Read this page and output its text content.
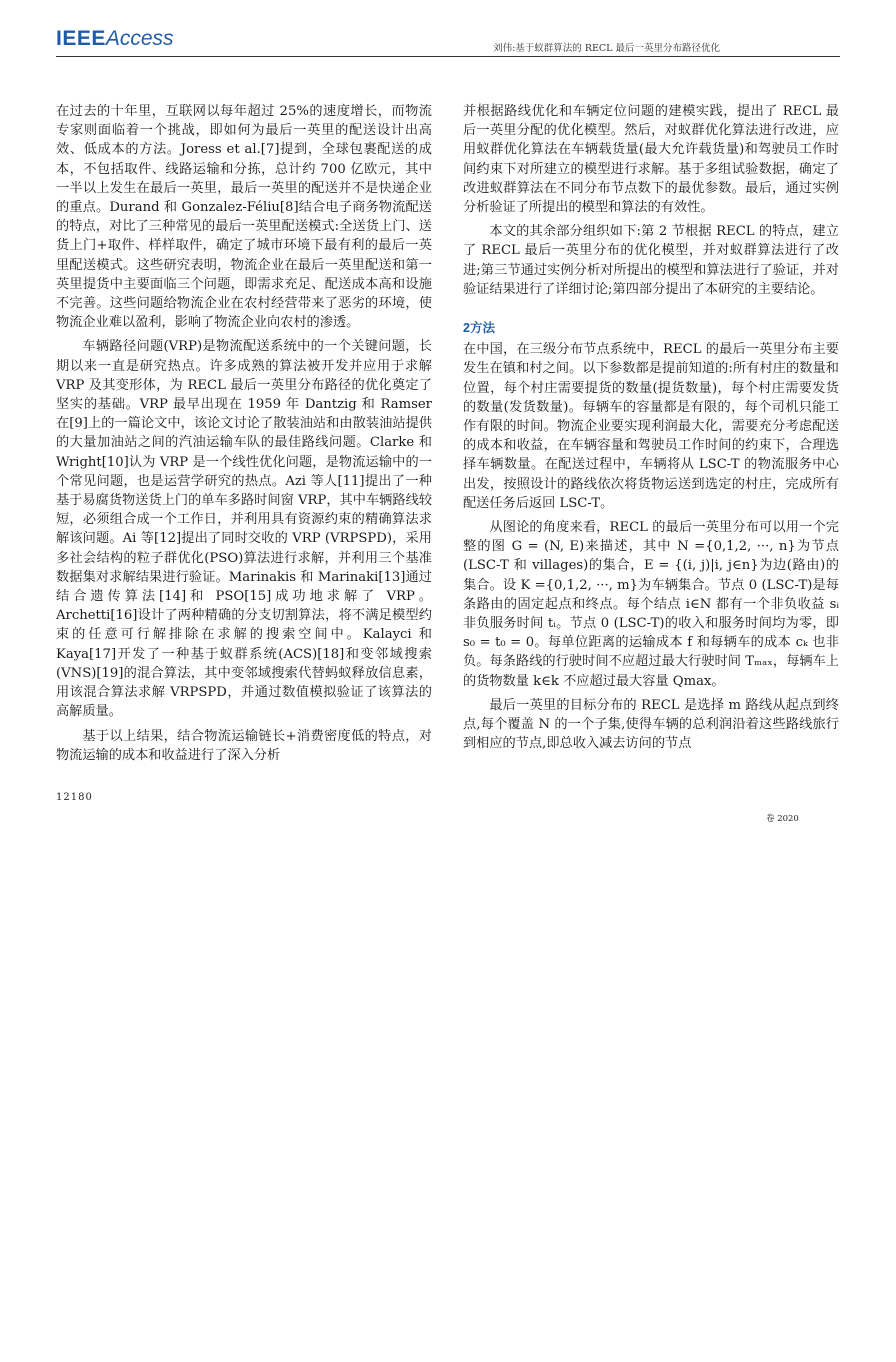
IEEEAccess	刘伟:基于蚁群算法的 RECL 最后一英里分布路径优化

在过去的十年里，互联网以每年超过 25%的速度增长，而物流专家则面临着一个挑战，即如何为最后一英里的配送设计出高效、低成本的方法。Joress et al.[7]提到，全球包裹配送的成本，不包括取件、线路运输和分拣，总计约 700 亿欧元，其中一半以上发生在最后一英里，最后一英里的配送并不是快递企业的重点。Durand 和 Gonzalez-Féliu[8]结合电子商务物流配送的特点，对比了三种常见的最后一英里配送模式:全送货上门、送货上门+取件、样样取件，确定了城市环境下最有利的最后一英里配送模式。这些研究表明，物流企业在最后一英里配送和第一英里提货中主要面临三个问题，即需求充足、配送成本高和设施不完善。这些问题给物流企业在农村经营带来了恶劣的环境，使物流企业难以盈利，影响了物流企业向农村的渗透。

车辆路径问题(VRP)是物流配送系统中的一个关键问题，长期以来一直是研究热点。许多成熟的算法被开发并应用于求解 VRP 及其变形体，为 RECL 最后一英里分布路径的优化奠定了坚实的基础。VRP 最早出现在 1959 年 Dantzig 和 Ramser 在[9]上的一篇论文中，该论文讨论了散装油站和由散装油站提供的大量加油站之间的汽油运输车队的最佳路线问题。Clarke 和 Wright[10]认为 VRP 是一个线性优化问题，是物流运输中的一个常见问题，也是运营学研究的热点。Azi 等人[11]提出了一种基于易腐货物送货上门的单车多路时间窗 VRP，其中车辆路线较短，必须组合成一个工作日，并利用具有资源约束的精确算法求解该问题。Ai 等[12]提出了同时交收的 VRP (VRPSPD)，采用多社会结构的粒子群优化(PSO)算法进行求解，并利用三个基准数据集对求解结果进行验证。Marinakis 和 Marinaki[13]通过结合遗传算法[14]和 PSO[15]成功地求解了 VRP。Archetti[16]设计了两种精确的分支切割算法，将不满足模型约束的任意可行解排除在求解的搜索空间中。Kalayci 和 Kaya[17]开发了一种基于蚁群系统(ACS)[18]和变邻域搜索(VNS)[19]的混合算法，其中变邻域搜索代替蚂蚁释放信息素，用该混合算法求解 VRPSPD，并通过数值模拟验证了该算法的高解质量。

基于以上结果，结合物流运输链长+消费密度低的特点，对物流运输的成本和收益进行了深入分析

并根据路线优化和车辆定位问题的建模实践，提出了 RECL 最后一英里分配的优化模型。然后，对蚁群优化算法进行改进，应用蚁群优化算法在车辆载货量(最大允许载货量)和驾驶员工作时间约束下对所建立的模型进行求解。基于多组试验数据，确定了改进蚁群算法在不同分布节点数下的最优参数。最后，通过实例分析验证了所提出的模型和算法的有效性。

本文的其余部分组织如下:第 2 节根据 RECL 的特点，建立了 RECL 最后一英里分布的优化模型，并对蚁群算法进行了改进;第三节通过实例分析对所提出的模型和算法进行了验证，并对验证结果进行了详细讨论;第四部分提出了本研究的主要结论。

2方法

在中国，在三级分布节点系统中，RECL 的最后一英里分布主要发生在镇和村之间。以下参数都是提前知道的:所有村庄的数量和位置，每个村庄需要提货的数量(提货数量)，每个村庄需要发货的数量(发货数量)。每辆车的容量都是有限的，每个司机只能工作有限的时间。物流企业要实现利润最大化，需要充分考虑配送的成本和收益，在车辆容量和驾驶员工作时间的约束下，合理选择车辆数量。在配送过程中，车辆将从 LSC-T 的物流服务中心出发，按照设计的路线依次将货物运送到选定的村庄，完成所有配送任务后返回 LSC-T。

从图论的角度来看，RECL 的最后一英里分布可以用一个完整的图 G = (N, E)来描述，其中 N ={0,1,2, ···, n}为节点(LSC-T 和 villages)的集合，E = {(i, j)|i, j∈n}为边(路由)的集合。设 K ={0,1,2, ···, m}为车辆集合。节点 0 (LSC-T)是每条路由的固定起点和终点。每个结点 i∈N 都有一个非负收益 sᵢ 非负服务时间 tᵢ。节点 0 (LSC-T)的收入和服务时间均为零，即 s₀ = t₀ = 0。每单位距离的运输成本 f 和每辆车的成本 cₖ 也非负。每条路线的行驶时间不应超过最大行驶时间 Tₘₐₓ，每辆车上的货物数量 k∈k 不应超过最大容量 Qmax。

最后一英里的目标分布的 RECL 是选择 m 路线从起点到终点,每个覆盖 N 的一个子集,使得车辆的总利润沿着这些路线旅行到相应的节点,即总收入减去访问的节点

12180
卷 2020
